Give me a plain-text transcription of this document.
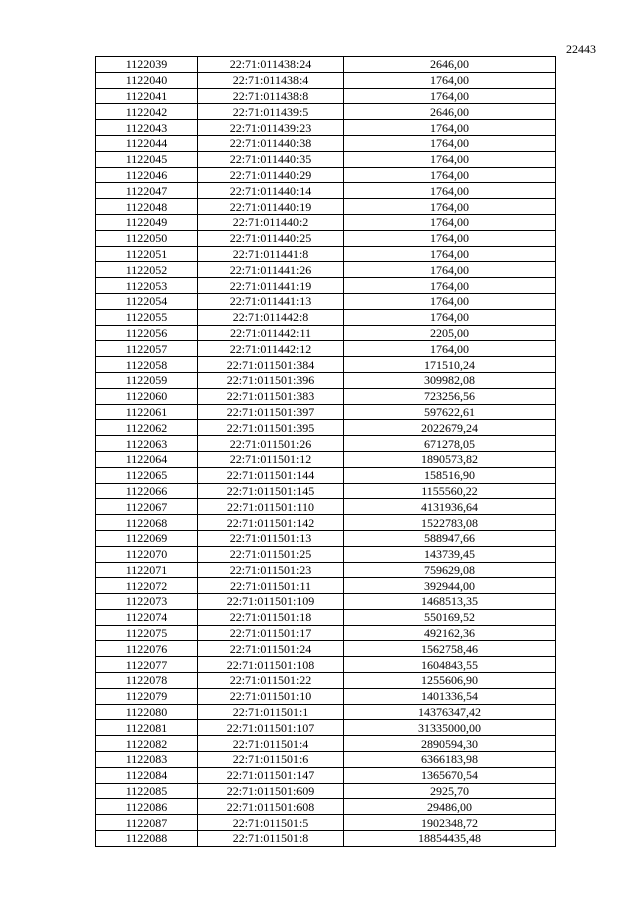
22443
1122039	22:71:011438:24	2646,00
1122040	22:71:011438:4	1764,00
1122041	22:71:011438:8	1764,00
1122042	22:71:011439:5	2646,00
1122043	22:71:011439:23	1764,00
1122044	22:71:011440:38	1764,00
1122045	22:71:011440:35	1764,00
1122046	22:71:011440:29	1764,00
1122047	22:71:011440:14	1764,00
1122048	22:71:011440:19	1764,00
1122049	22:71:011440:2	1764,00
1122050	22:71:011440:25	1764,00
1122051	22:71:011441:8	1764,00
1122052	22:71:011441:26	1764,00
1122053	22:71:011441:19	1764,00
1122054	22:71:011441:13	1764,00
1122055	22:71:011442:8	1764,00
1122056	22:71:011442:11	2205,00
1122057	22:71:011442:12	1764,00
1122058	22:71:011501:384	171510,24
1122059	22:71:011501:396	309982,08
1122060	22:71:011501:383	723256,56
1122061	22:71:011501:397	597622,61
1122062	22:71:011501:395	2022679,24
1122063	22:71:011501:26	671278,05
1122064	22:71:011501:12	1890573,82
1122065	22:71:011501:144	158516,90
1122066	22:71:011501:145	1155560,22
1122067	22:71:011501:110	4131936,64
1122068	22:71:011501:142	1522783,08
1122069	22:71:011501:13	588947,66
1122070	22:71:011501:25	143739,45
1122071	22:71:011501:23	759629,08
1122072	22:71:011501:11	392944,00
1122073	22:71:011501:109	1468513,35
1122074	22:71:011501:18	550169,52
1122075	22:71:011501:17	492162,36
1122076	22:71:011501:24	1562758,46
1122077	22:71:011501:108	1604843,55
1122078	22:71:011501:22	1255606,90
1122079	22:71:011501:10	1401336,54
1122080	22:71:011501:1	14376347,42
1122081	22:71:011501:107	31335000,00
1122082	22:71:011501:4	2890594,30
1122083	22:71:011501:6	6366183,98
1122084	22:71:011501:147	1365670,54
1122085	22:71:011501:609	2925,70
1122086	22:71:011501:608	29486,00
1122087	22:71:011501:5	1902348,72
1122088	22:71:011501:8	18854435,48
